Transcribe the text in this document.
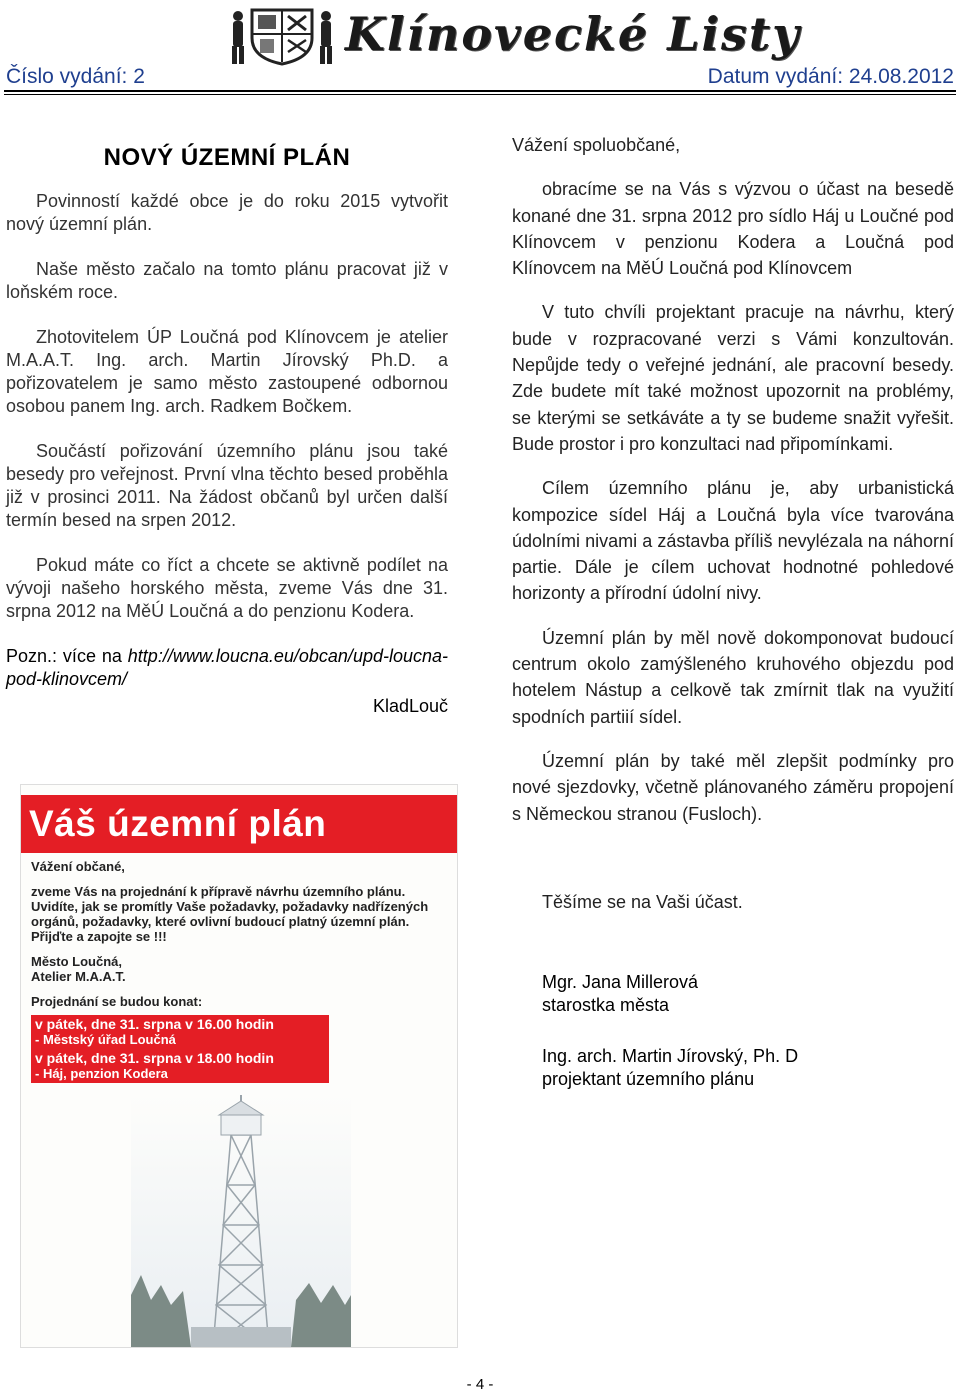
Klínovecké Listy
Číslo vydání: 2	Datum vydání: 24.08.2012
NOVÝ ÚZEMNÍ PLÁN

Povinností každé obce je do roku 2015 vytvořit nový územní plán.

Naše město začalo na tomto plánu pracovat již v loňském roce.

Zhotovitelem ÚP Loučná pod Klínovcem je atelier M.A.A.T. Ing. arch. Martin Jírovský Ph.D. a pořizovatelem je samo město zastoupené odbornou osobou panem Ing. arch. Radkem Bočkem.

Součástí pořizování územního plánu jsou také besedy pro veřejnost. První vlna těchto besed proběhla již v prosinci 2011. Na žádost občanů byl určen další termín besed na srpen 2012.

Pokud máte co říct a chcete se aktivně podílet na vývoji našeho horského města, zveme Vás dne 31. srpna 2012 na MěÚ Loučná a do penzionu Kodera.

Pozn.: více na http://www.loucna.eu/obcan/upd-loucna-pod-klinovcem/

KladLouč

Váš územní plán
Vážení občané,
zveme Vás na projednání k přípravě návrhu územního plánu. Uvidíte, jak se promítly Vaše požadavky, požadavky nadřízených orgánů, požadavky, které ovlivní budoucí platný územní plán. Přijďte a zapojte se !!!
Město Loučná,
Atelier M.A.A.T.
Projednání se budou konat:
v pátek, dne 31. srpna v 16.00 hodin
- Městský úřad Loučná
v pátek, dne 31. srpna v 18.00 hodin
- Háj, penzion Kodera

Vážení spoluobčané,

obracíme se na Vás s výzvou o účast na besedě konané dne 31. srpna 2012 pro sídlo Háj u Loučné pod Klínovcem v penzionu Kodera a Loučná pod Klínovcem na MěÚ Loučná pod Klínovcem

V tuto chvíli projektant pracuje na návrhu, který bude v rozpracované verzi s Vámi konzultován. Nepůjde tedy o veřejné jednání, ale pracovní besedy. Zde budete mít také možnost upozornit na problémy, se kterými se setkáváte a ty se budeme snažit vyřešit. Bude prostor i pro konzultaci nad připomínkami.

Cílem územního plánu je, aby urbanistická kompozice sídel Háj a Loučná byla více tvarována údolními nivami a zástavba příliš nevylézala na náhorní partie. Dále je cílem uchovat hodnotné pohledové horizonty a přírodní údolní nivy.

Územní plán by měl nově dokomponovat budoucí centrum okolo zamýšleného kruhového objezdu pod hotelem Nástup a celkově tak zmírnit tlak na využití spodních partiií sídel.

Územní plán by také měl zlepšit podmínky pro nové sjezdovky, včetně plánovaného záměru propojení s Německou stranou (Fusloch).

Těšíme se na Vaši účast.

Mgr. Jana Millerová
starostka města
Ing. arch. Martin Jírovský, Ph. D
projektant územního plánu
- 4 -
